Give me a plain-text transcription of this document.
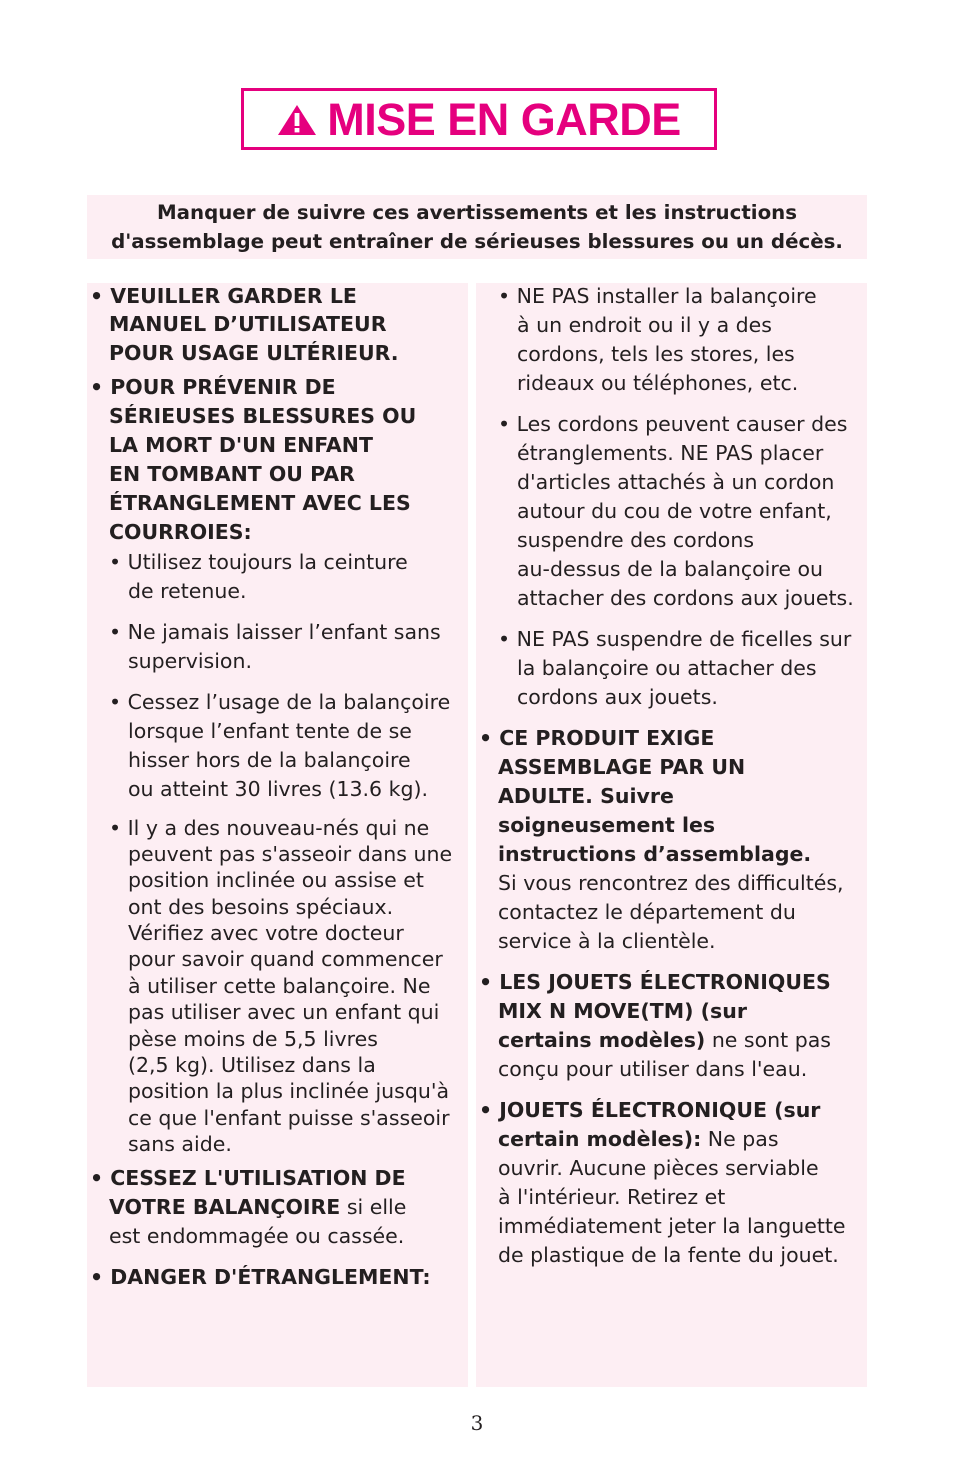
MISE EN GARDE
Manquer de suivre ces avertissements et les instructions
d'assemblage peut entraîner de sérieuses blessures ou un décès.
• VEUILLER GARDER LE
MANUEL D’UTILISATEUR
POUR USAGE ULTÉRIEUR.
• POUR PRÉVENIR DE
SÉRIEUSES BLESSURES OU
LA MORT D'UN ENFANT
EN TOMBANT OU PAR
ÉTRANGLEMENT AVEC LES
COURROIES:
• Utilisez toujours la ceinture
de retenue.
• Ne jamais laisser l’enfant sans
supervision.
• Cessez l’usage de la balançoire
lorsque l’enfant tente de se
hisser hors de la balançoire
ou atteint 30 livres (13.6 kg).
• Il y a des nouveau-nés qui ne
peuvent pas s'asseoir dans une
position inclinée ou assise et
ont des besoins spéciaux.
Vérifiez avec votre docteur
pour savoir quand commencer
à utiliser cette balançoire. Ne
pas utiliser avec un enfant qui
pèse moins de 5,5 livres
(2,5 kg). Utilisez dans la
position la plus inclinée jusqu'à
ce que l'enfant puisse s'asseoir
sans aide.
• CESSEZ L'UTILISATION DE
VOTRE BALANÇOIRE si elle
est endommagée ou cassée.
• DANGER D'ÉTRANGLEMENT:
• NE PAS installer la balançoire
à un endroit ou il y a des
cordons, tels les stores, les
rideaux ou téléphones, etc.
• Les cordons peuvent causer des
étranglements. NE PAS placer
d'articles attachés à un cordon
autour du cou de votre enfant,
suspendre des cordons
au-dessus de la balançoire ou
attacher des cordons aux jouets.
• NE PAS suspendre de ficelles sur
la balançoire ou attacher des
cordons aux jouets.
• CE PRODUIT EXIGE
ASSEMBLAGE PAR UN
ADULTE. Suivre
soigneusement les
instructions d’assemblage.
Si vous rencontrez des difficultés,
contactez le département du
service à la clientèle.
• LES JOUETS ÉLECTRONIQUES
MIX N MOVE(TM) (sur
certains modèles) ne sont pas
conçu pour utiliser dans l'eau.
• JOUETS ÉLECTRONIQUE (sur
certain modèles): Ne pas
ouvrir. Aucune pièces serviable
à l'intérieur. Retirez et
immédiatement jeter la languette
de plastique de la fente du jouet.
3
